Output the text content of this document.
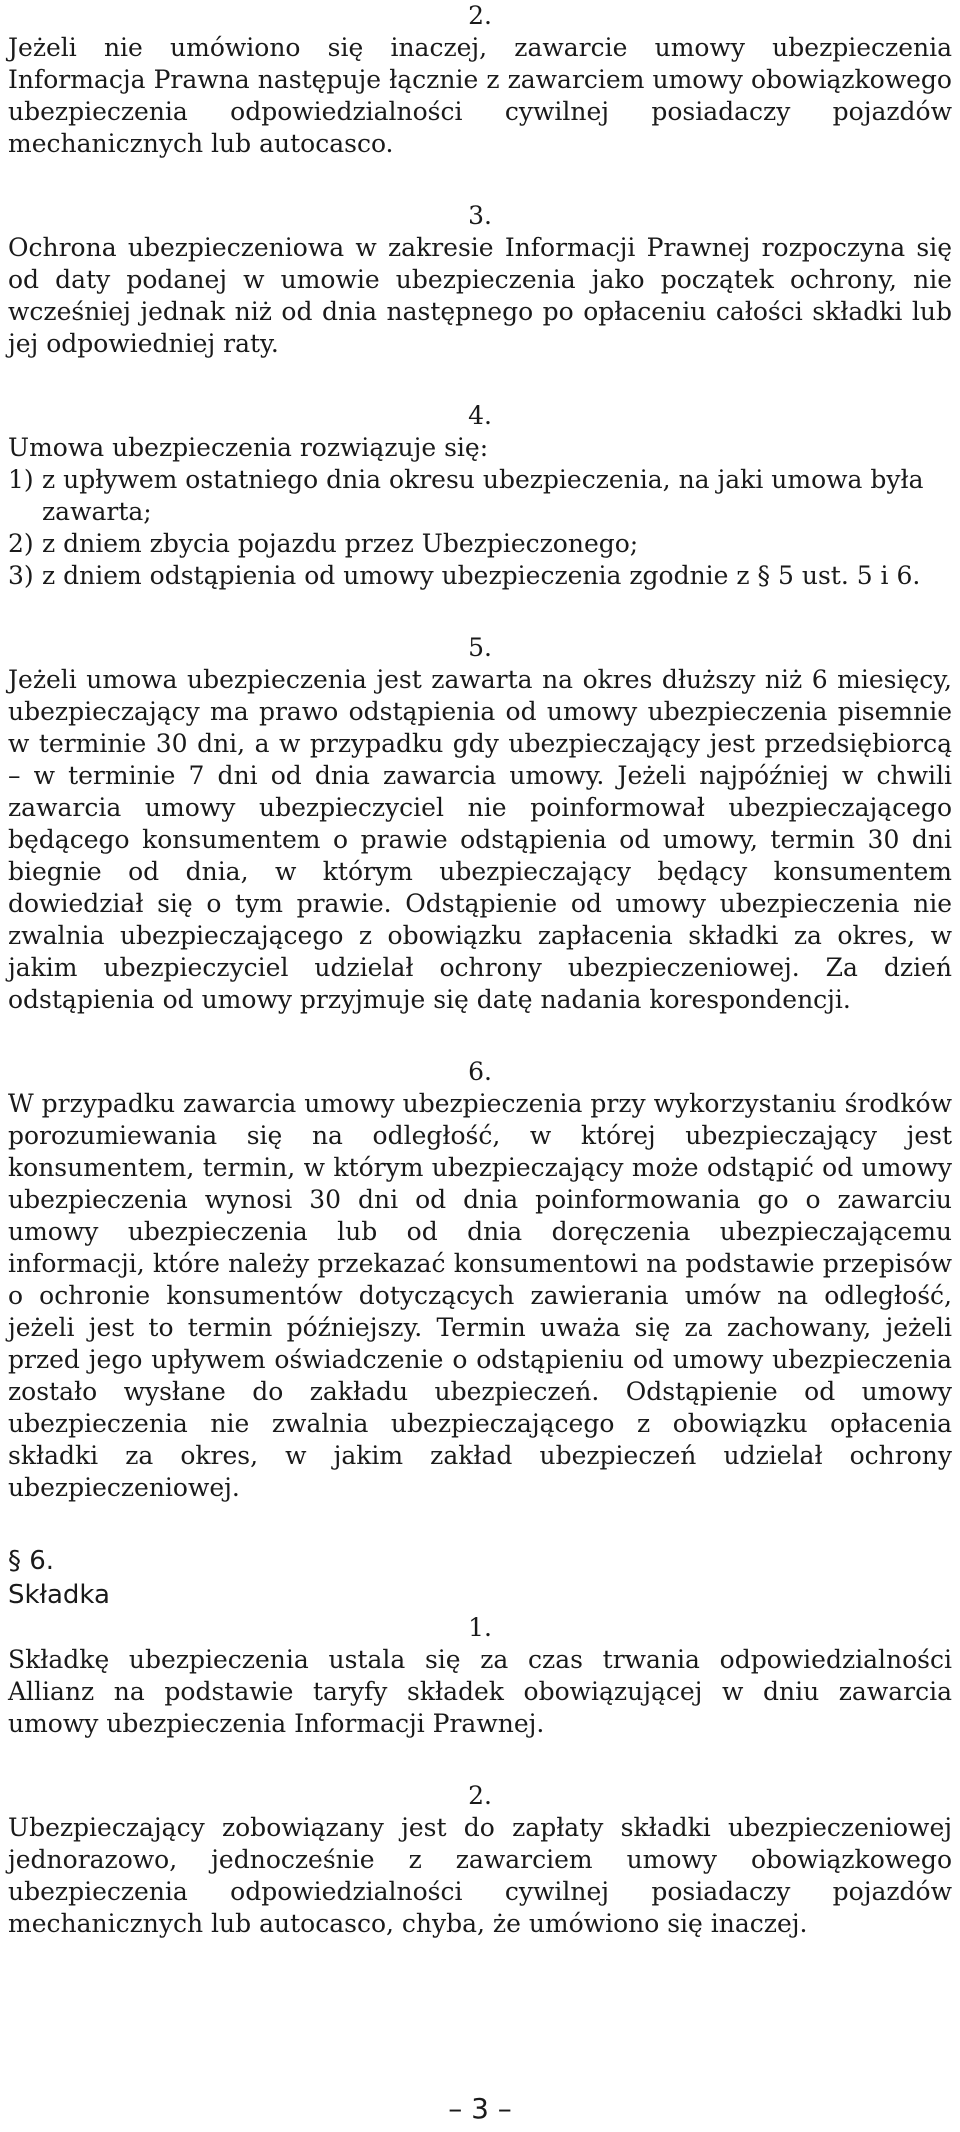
2.

Jeżeli nie umówiono się inaczej, zawarcie umowy ubezpieczenia Informacja Prawna następuje łącznie z zawarciem umowy obowiązkowego ubezpieczenia odpowiedzialności cywilnej posiadaczy pojazdów mechanicznych lub autocasco.

3.

Ochrona ubezpieczeniowa w zakresie Informacji Prawnej rozpoczyna się od daty podanej w umowie ubezpieczenia jako początek ochrony, nie wcześniej jednak niż od dnia następnego po opłaceniu całości składki lub jej odpowiedniej raty.

4.

Umowa ubezpieczenia rozwiązuje się:

1) z upływem ostatniego dnia okresu ubezpieczenia, na jaki umowa była zawarta;
2) z dniem zbycia pojazdu przez Ubezpieczonego;
3) z dniem odstąpienia od umowy ubezpieczenia zgodnie z § 5 ust. 5 i 6.
5.

Jeżeli umowa ubezpieczenia jest zawarta na okres dłuższy niż 6 miesięcy, ubezpieczający ma prawo odstąpienia od umowy ubezpieczenia pisemnie w terminie 30 dni, a w przypadku gdy ubezpieczający jest przedsiębiorcą – w terminie 7 dni od dnia zawarcia umowy. Jeżeli najpóźniej w chwili zawarcia umowy ubezpieczyciel nie poinformował ubezpieczającego będącego konsumentem o prawie odstąpienia od umowy, termin 30 dni biegnie od dnia, w którym ubezpieczający będący konsumentem dowiedział się o tym prawie. Odstąpienie od umowy ubezpieczenia nie zwalnia ubezpieczającego z obowiązku zapłacenia składki za okres, w jakim ubezpieczyciel udzielał ochrony ubezpieczeniowej. Za dzień odstąpienia od umowy przyjmuje się datę nadania korespondencji.

6.

W przypadku zawarcia umowy ubezpieczenia przy wykorzystaniu środków porozumiewania się na odległość, w której ubezpieczający jest konsumentem, termin, w którym ubezpieczający może odstąpić od umowy ubezpieczenia wynosi 30 dni od dnia poinformowania go o zawarciu umowy ubezpieczenia lub od dnia doręczenia ubezpieczającemu informacji, które należy przekazać konsumentowi na podstawie przepisów o ochronie konsumentów dotyczących zawierania umów na odległość, jeżeli jest to termin późniejszy. Termin uważa się za zachowany, jeżeli przed jego upływem oświadczenie o odstąpieniu od umowy ubezpieczenia zostało wysłane do zakładu ubezpieczeń. Odstąpienie od umowy ubezpieczenia nie zwalnia ubezpieczającego z obowiązku opłacenia składki za okres, w jakim zakład ubezpieczeń udzielał ochrony ubezpieczeniowej.

§ 6.
Składka
1.

Składkę ubezpieczenia ustala się za czas trwania odpowiedzialności Allianz na podstawie taryfy składek obowiązującej w dniu zawarcia umowy ubezpieczenia Informacji Prawnej.

2.

Ubezpieczający zobowiązany jest do zapłaty składki ubezpieczeniowej jednorazowo, jednocześnie z zawarciem umowy obowiązkowego ubezpieczenia odpowiedzialności cywilnej posiadaczy pojazdów mechanicznych lub autocasco, chyba, że umówiono się inaczej.

– 3 –
